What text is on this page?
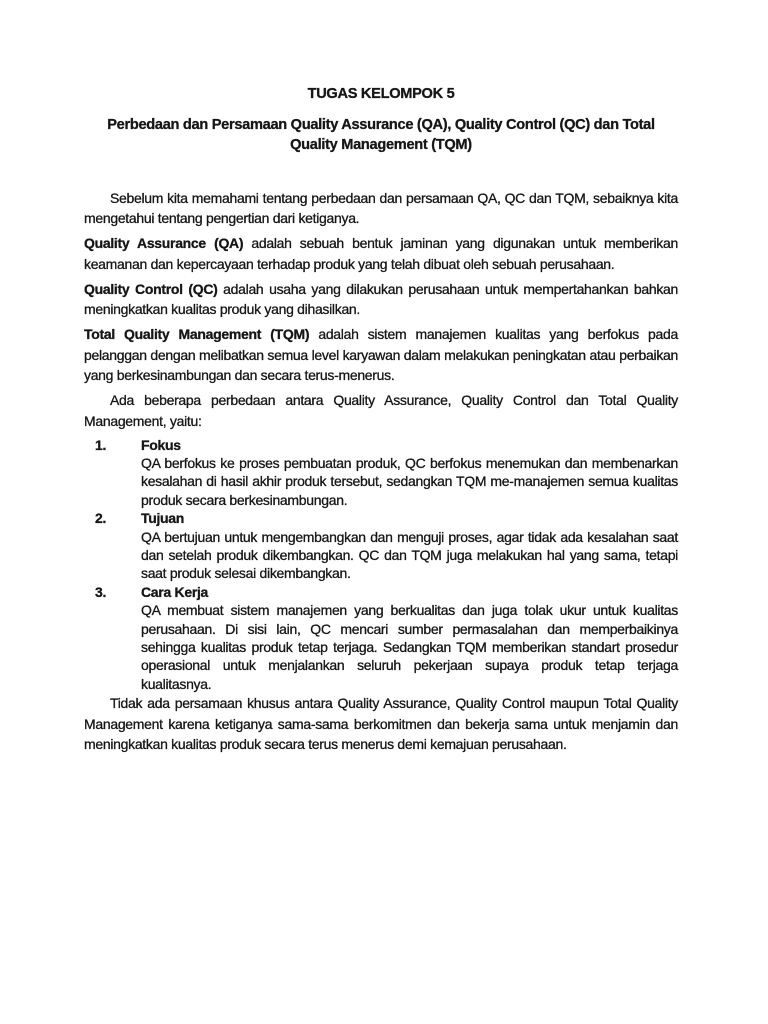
TUGAS KELOMPOK 5
Perbedaan dan Persamaan Quality Assurance (QA), Quality Control (QC) dan Total Quality Management (TQM)

Sebelum kita memahami tentang perbedaan dan persamaan QA, QC dan TQM, sebaiknya kita mengetahui tentang pengertian dari ketiganya.

Quality Assurance (QA) adalah sebuah bentuk jaminan yang digunakan untuk memberikan keamanan dan kepercayaan terhadap produk yang telah dibuat oleh sebuah perusahaan.

Quality Control (QC) adalah usaha yang dilakukan perusahaan untuk mempertahankan bahkan meningkatkan kualitas produk yang dihasilkan.

Total Quality Management (TQM) adalah sistem manajemen kualitas yang berfokus pada pelanggan dengan melibatkan semua level karyawan dalam melakukan peningkatan atau perbaikan yang berkesinambungan dan secara terus-menerus.

Ada beberapa perbedaan antara Quality Assurance, Quality Control dan Total Quality Management, yaitu:

1. Fokus
QA berfokus ke proses pembuatan produk, QC berfokus menemukan dan membenarkan kesalahan di hasil akhir produk tersebut, sedangkan TQM me-manajemen semua kualitas produk secara berkesinambungan.
2. Tujuan
QA bertujuan untuk mengembangkan dan menguji proses, agar tidak ada kesalahan saat dan setelah produk dikembangkan. QC dan TQM juga melakukan hal yang sama, tetapi saat produk selesai dikembangkan.
3. Cara Kerja
QA membuat sistem manajemen yang berkualitas dan juga tolak ukur untuk kualitas perusahaan. Di sisi lain, QC mencari sumber permasalahan dan memperbaikinya sehingga kualitas produk tetap terjaga. Sedangkan TQM memberikan standart prosedur operasional untuk menjalankan seluruh pekerjaan supaya produk tetap terjaga kualitasnya.

Tidak ada persamaan khusus antara Quality Assurance, Quality Control maupun Total Quality Management karena ketiganya sama-sama berkomitmen dan bekerja sama untuk menjamin dan meningkatkan kualitas produk secara terus menerus demi kemajuan perusahaan.
